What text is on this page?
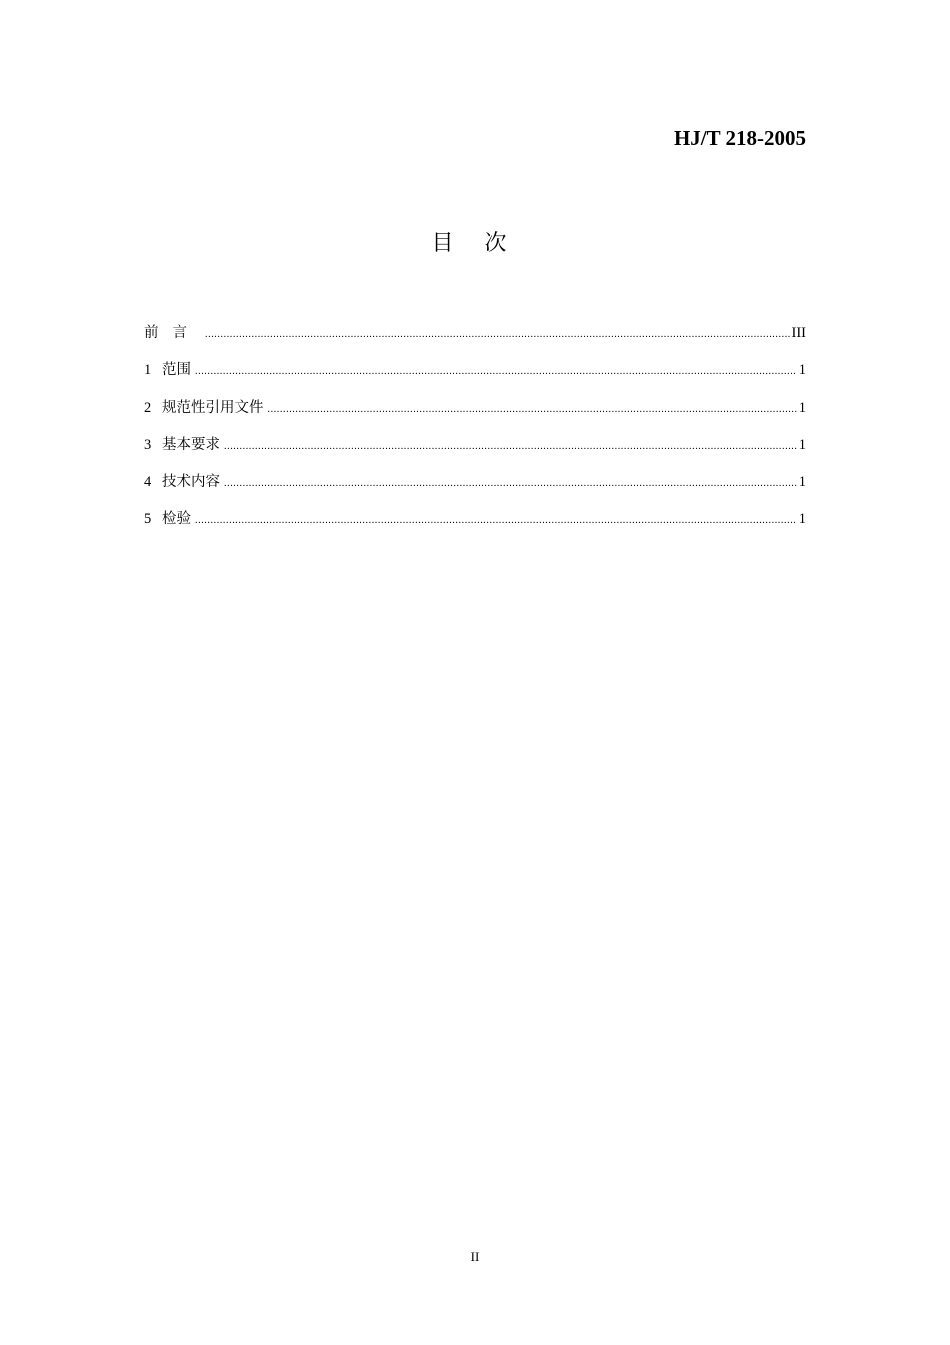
HJ/T 218-2005
目 次
前言 .....	III
1 范围 .....	1
2 规范性引用文件 .....	1
3 基本要求 .....	1
4 技术内容 .....	1
5 检验 .....	1
II
